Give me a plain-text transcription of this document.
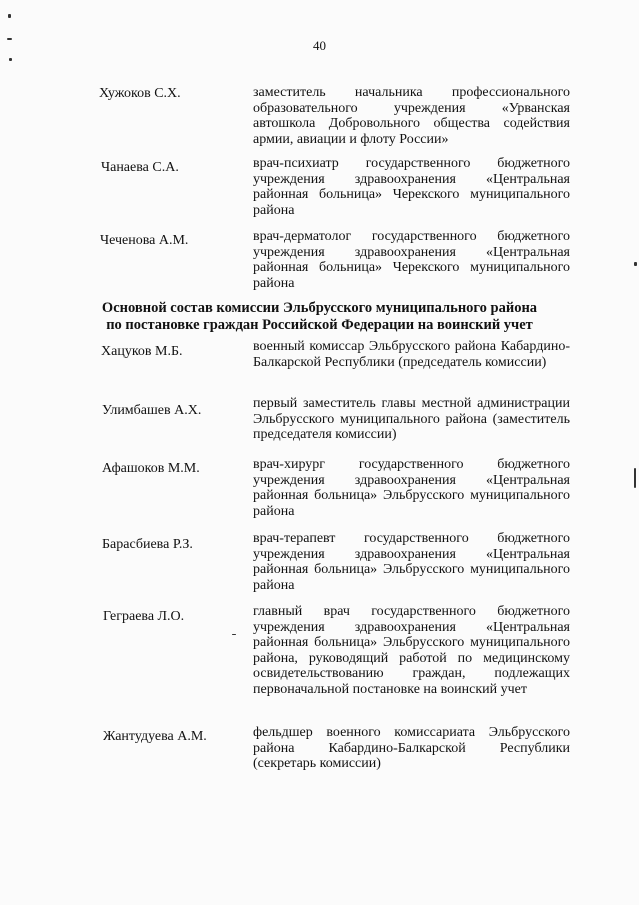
40
Хужоков С.Х.	заместитель начальника профессионального образовательного учреждения «Урванская автошкола Добровольного общества содействия армии, авиации и флоту России»
Чанаева С.А.	врач-психиатр государственного бюджетного учреждения здравоохранения «Центральная районная больница» Черекского муниципального района
Чеченова А.М.	врач-дерматолог государственного бюджетного учреждения здравоохранения «Центральная районная больница» Черекского муниципального района
Основной состав комиссии Эльбрусского муниципального района
по постановке граждан Российской Федерации на воинский учет
Хацуков М.Б.	военный комиссар Эльбрусского района Кабардино-Балкарской Республики (председатель комиссии)
Улимбашев А.Х.	первый заместитель главы местной администрации Эльбрусского муниципального района (заместитель председателя комиссии)
Афашоков М.М.	врач-хирург государственного бюджетного учреждения здравоохранения «Центральная районная больница» Эльбрусского муниципального района
Барасбиева Р.З.	врач-терапевт государственного бюджетного учреждения здравоохранения «Центральная районная больница» Эльбрусского муниципального района
Геграева Л.О.	главный врач государственного бюджетного учреждения здравоохранения «Центральная районная больница» Эльбрусского муниципального района, руководящий работой по медицинскому освидетельствованию граждан, подлежащих первоначальной постановке на воинский учет
Жантудуева А.М.	фельдшер военного комиссариата Эльбрусского района Кабардино-Балкарской Республики (секретарь комиссии)
